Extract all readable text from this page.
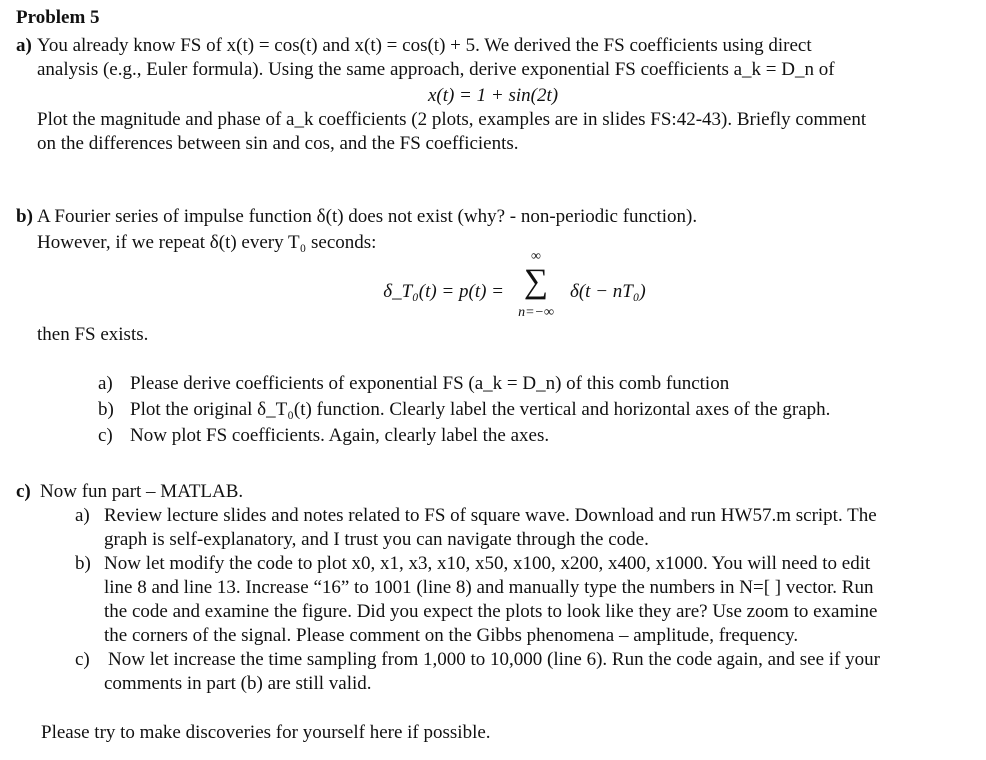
Problem 5
a) You already know FS of x(t) = cos(t) and x(t) = cos(t) + 5. We derived the FS coefficients using direct
analysis (e.g., Euler formula). Using the same approach, derive exponential FS coefficients a_k = D_n of
x(t) = 1 + sin(2t)
Plot the magnitude and phase of a_k coefficients (2 plots, examples are in slides FS:42-43). Briefly comment
on the differences between sin and cos, and the FS coefficients.
b) A Fourier series of impulse function δ(t) does not exist (why? - non-periodic function).
However, if we repeat δ(t) every T₀ seconds:
δ_T₀(t) = p(t) =
∞
∑
n=−∞
δ(t − nT₀)
then FS exists.
a) Please derive coefficients of exponential FS (a_k = D_n) of this comb function
b) Plot the original δ_T₀(t) function. Clearly label the vertical and horizontal axes of the graph.
c) Now plot FS coefficients. Again, clearly label the axes.
c) Now fun part – MATLAB.
a) Review lecture slides and notes related to FS of square wave. Download and run HW57.m script. The
graph is self-explanatory, and I trust you can navigate through the code.
b) Now let modify the code to plot x0, x1, x3, x10, x50, x100, x200, x400, x1000. You will need to edit
line 8 and line 13. Increase “16” to 1001 (line 8) and manually type the numbers in N=[ ] vector. Run
the code and examine the figure. Did you expect the plots to look like they are? Use zoom to examine
the corners of the signal. Please comment on the Gibbs phenomena – amplitude, frequency.
c) Now let increase the time sampling from 1,000 to 10,000 (line 6). Run the code again, and see if your
comments in part (b) are still valid.
Please try to make discoveries for yourself here if possible.
